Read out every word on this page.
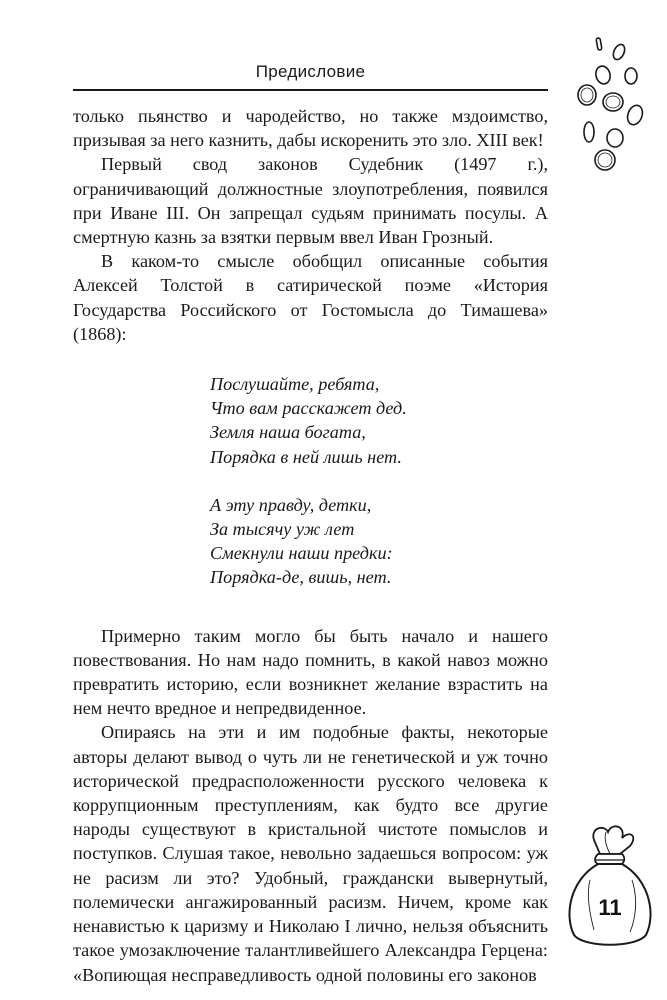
Предисловие

только пьянство и чародейство, но также мздоимство, призывая за него казнить, дабы искоренить это зло. XIII век!

Первый свод законов Судебник (1497 г.), ограничивающий должностные злоупотребления, появился при Иване III. Он запрещал судьям принимать посулы. А смертную казнь за взятки первым ввел Иван Грозный.

В каком-то смысле обобщил описанные события Алексей Толстой в сатирической поэме «История Государства Российского от Гостомысла до Тимашева» (1868):

Послушайте, ребята,
Что вам расскажет дед.
Земля наша богата,
Порядка в ней лишь нет.
А эту правду, детки,
За тысячу уж лет
Смекнули наши предки:
Порядка-де, вишь, нет.

Примерно таким могло бы быть начало и нашего повествования. Но нам надо помнить, в какой навоз можно превратить историю, если возникнет желание взрастить на нем нечто вредное и непредвиденное.

Опираясь на эти и им подобные факты, некоторые авторы делают вывод о чуть ли не генетической и уж точно исторической предрасположенности русского человека к коррупционным преступлениям, как будто все другие народы существуют в кристальной чистоте помыслов и поступков. Слушая такое, невольно задаешься вопросом: уж не расизм ли это? Удобный, граждански вывернутый, полемически ангажированный расизм. Ничем, кроме как ненавистью к царизму и Николаю I лично, нельзя объяснить такое умозаключение талантливейшего Александра Герцена: «Вопиющая несправедливость одной половины его законов

11
